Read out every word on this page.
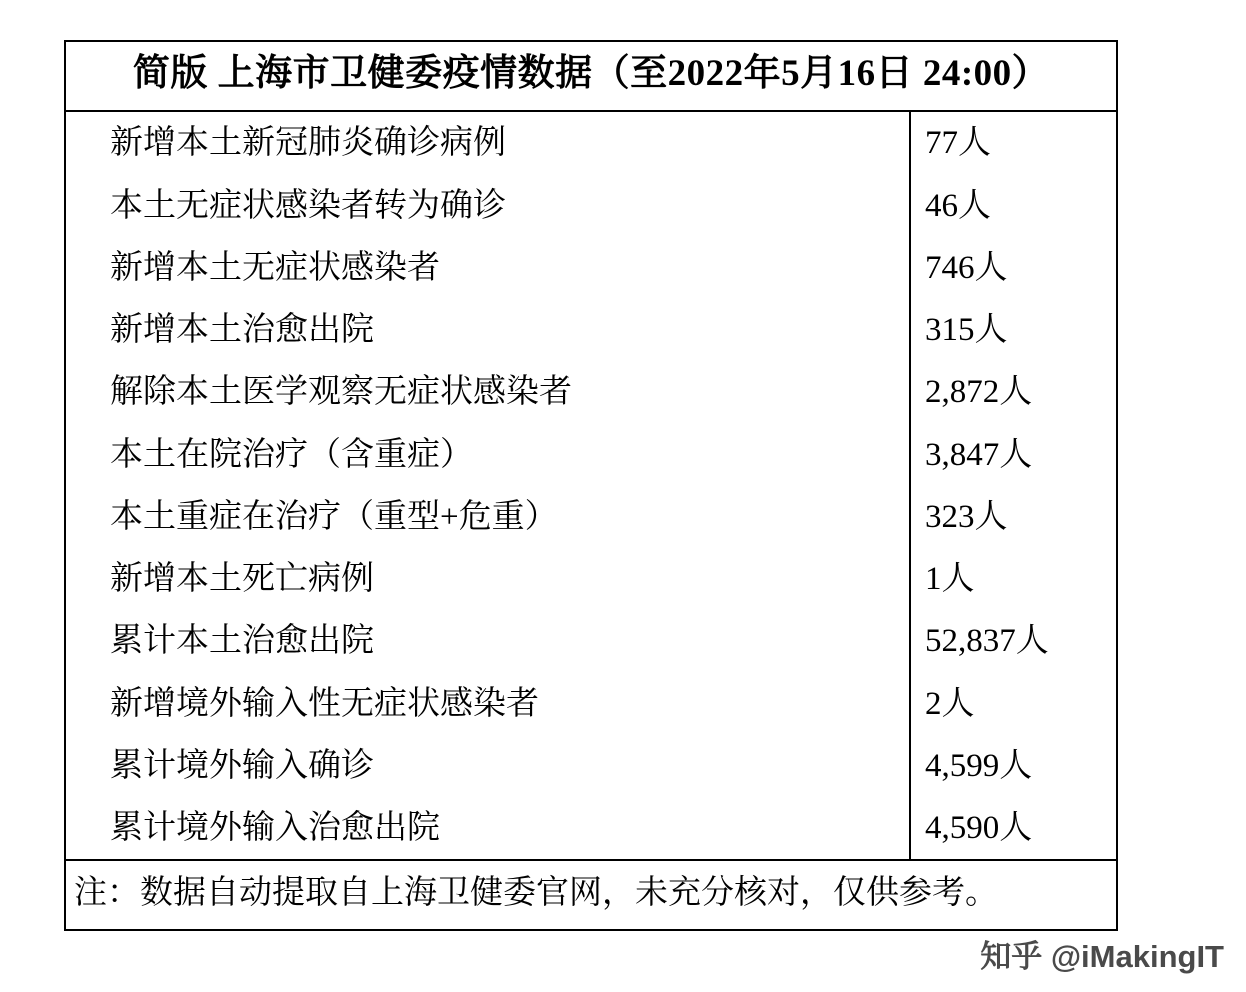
简版 上海市卫健委疫情数据（至2022年5月16日 24:00）
新增本土新冠肺炎确诊病例	77人
本土无症状感染者转为确诊	46人
新增本土无症状感染者	746人
新增本土治愈出院	315人
解除本土医学观察无症状感染者	2,872人
本土在院治疗（含重症）	3,847人
本土重症在治疗（重型+危重）	323人
新增本土死亡病例	1人
累计本土治愈出院	52,837人
新增境外输入性无症状感染者	2人
累计境外输入确诊	4,599人
累计境外输入治愈出院	4,590人
注：数据自动提取自上海卫健委官网，未充分核对，仅供参考。
知乎 @iMakingIT
